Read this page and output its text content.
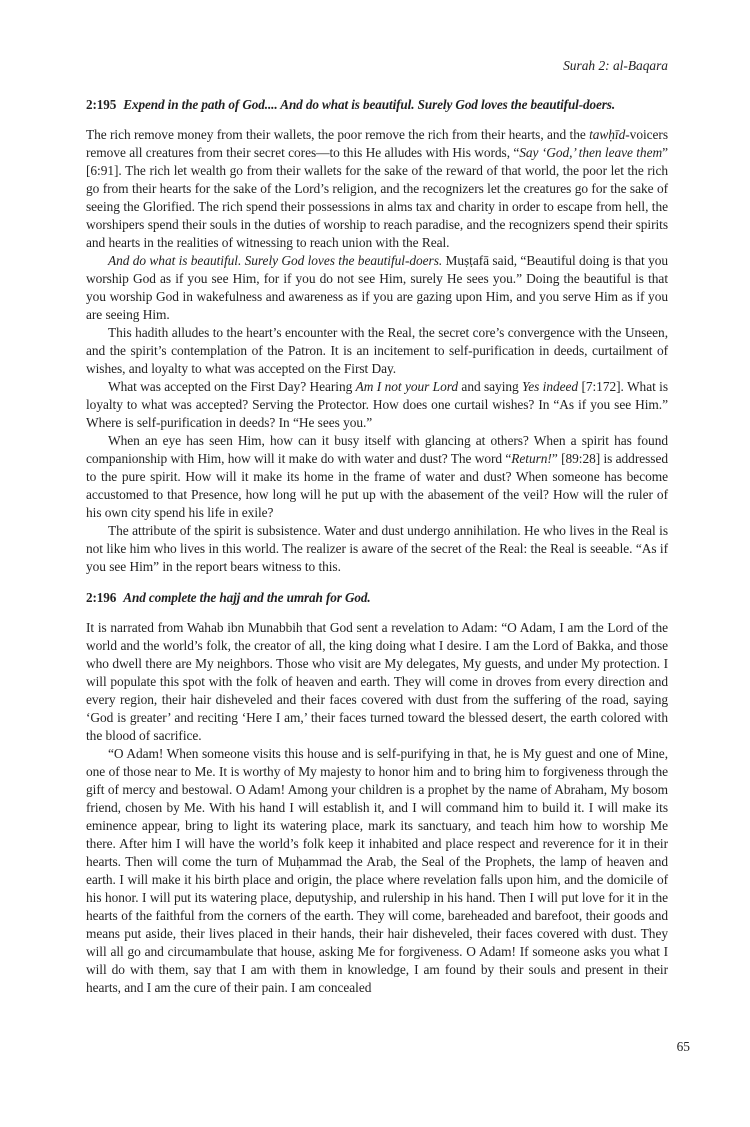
Surah 2: al-Baqara

2:195 Expend in the path of God.... And do what is beautiful. Surely God loves the beautiful-doers.

The rich remove money from their wallets, the poor remove the rich from their hearts, and the tawḥīd-voicers remove all creatures from their secret cores—to this He alludes with His words, “Say ‘God,’ then leave them” [6:91]. The rich let wealth go from their wallets for the sake of the reward of that world, the poor let the rich go from their hearts for the sake of the Lord’s religion, and the recognizers let the creatures go for the sake of seeing the Glorified. The rich spend their possessions in alms tax and charity in order to escape from hell, the worshipers spend their souls in the duties of worship to reach paradise, and the recognizers spend their spirits and hearts in the realities of witnessing to reach union with the Real.

And do what is beautiful. Surely God loves the beautiful-doers. Muṣṭafā said, “Beautiful doing is that you worship God as if you see Him, for if you do not see Him, surely He sees you.” Doing the beautiful is that you worship God in wakefulness and awareness as if you are gazing upon Him, and you serve Him as if you are seeing Him.

This hadith alludes to the heart’s encounter with the Real, the secret core’s convergence with the Unseen, and the spirit’s contemplation of the Patron. It is an incitement to self-purification in deeds, curtailment of wishes, and loyalty to what was accepted on the First Day.

What was accepted on the First Day? Hearing Am I not your Lord and saying Yes indeed [7:172]. What is loyalty to what was accepted? Serving the Protector. How does one curtail wishes? In “As if you see Him.” Where is self-purification in deeds? In “He sees you.”

When an eye has seen Him, how can it busy itself with glancing at others? When a spirit has found companionship with Him, how will it make do with water and dust? The word “Return!” [89:28] is addressed to the pure spirit. How will it make its home in the frame of water and dust? When someone has become accustomed to that Presence, how long will he put up with the abasement of the veil? How will the ruler of his own city spend his life in exile?

The attribute of the spirit is subsistence. Water and dust undergo annihilation. He who lives in the Real is not like him who lives in this world. The realizer is aware of the secret of the Real: the Real is seeable. “As if you see Him” in the report bears witness to this.

2:196 And complete the hajj and the umrah for God.

It is narrated from Wahab ibn Munabbih that God sent a revelation to Adam: “O Adam, I am the Lord of the world and the world’s folk, the creator of all, the king doing what I desire. I am the Lord of Bakka, and those who dwell there are My neighbors. Those who visit are My delegates, My guests, and under My protection. I will populate this spot with the folk of heaven and earth. They will come in droves from every direction and every region, their hair disheveled and their faces covered with dust from the suffering of the road, saying ‘God is greater’ and reciting ‘Here I am,’ their faces turned toward the blessed desert, the earth colored with the blood of sacrifice.

“O Adam! When someone visits this house and is self-purifying in that, he is My guest and one of Mine, one of those near to Me. It is worthy of My majesty to honor him and to bring him to forgiveness through the gift of mercy and bestowal. O Adam! Among your children is a prophet by the name of Abraham, My bosom friend, chosen by Me. With his hand I will establish it, and I will command him to build it. I will make its eminence appear, bring to light its watering place, mark its sanctuary, and teach him how to worship Me there. After him I will have the world’s folk keep it inhabited and place respect and reverence for it in their hearts. Then will come the turn of Muḥammad the Arab, the Seal of the Prophets, the lamp of heaven and earth. I will make it his birth place and origin, the place where revelation falls upon him, and the domicile of his honor. I will put its watering place, deputyship, and rulership in his hand. Then I will put love for it in the hearts of the faithful from the corners of the earth. They will come, bareheaded and barefoot, their goods and means put aside, their lives placed in their hands, their hair disheveled, their faces covered with dust. They will all go and circumambulate that house, asking Me for forgiveness. O Adam! If someone asks you what I will do with them, say that I am with them in knowledge, I am found by their souls and present in their hearts, and I am the cure of their pain. I am concealed

65
